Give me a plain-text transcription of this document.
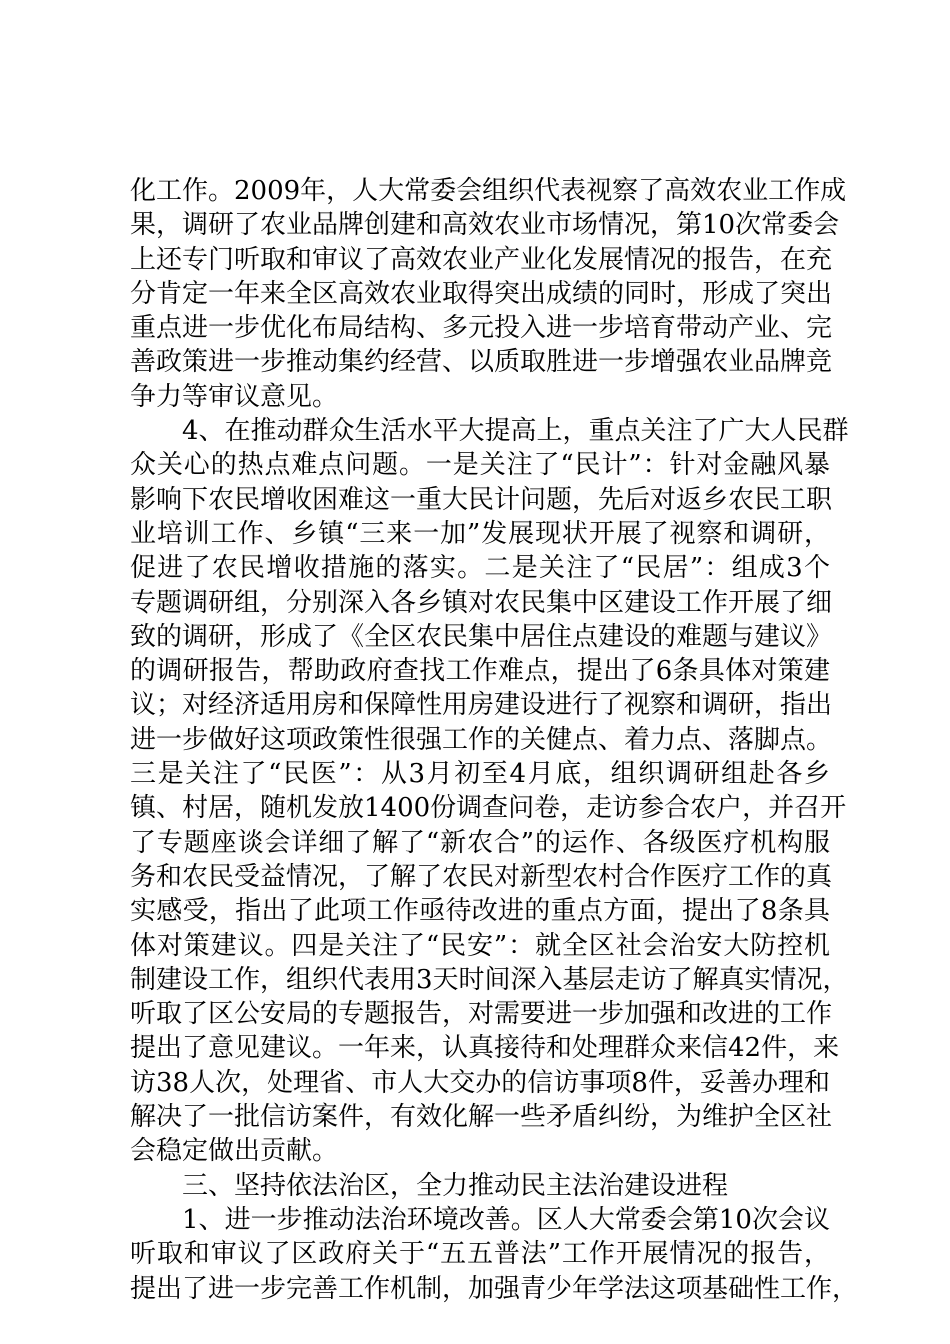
化工作。2009年，人大常委会组织代表视察了高效农业工作成
果，调研了农业品牌创建和高效农业市场情况，第10次常委会
上还专门听取和审议了高效农业产业化发展情况的报告，在充
分肯定一年来全区高效农业取得突出成绩的同时，形成了突出
重点进一步优化布局结构、多元投入进一步培育带动产业、完
善政策进一步推动集约经营、以质取胜进一步增强农业品牌竞
争力等审议意见。
4、在推动群众生活水平大提高上，重点关注了广大人民群
众关心的热点难点问题。一是关注了“民计”：针对金融风暴
影响下农民增收困难这一重大民计问题，先后对返乡农民工职
业培训工作、乡镇“三来一加”发展现状开展了视察和调研，
促进了农民增收措施的落实。二是关注了“民居”：组成3个
专题调研组，分别深入各乡镇对农民集中区建设工作开展了细
致的调研，形成了《全区农民集中居住点建设的难题与建议》
的调研报告，帮助政府查找工作难点，提出了6条具体对策建
议；对经济适用房和保障性用房建设进行了视察和调研，指出
进一步做好这项政策性很强工作的关健点、着力点、落脚点。
三是关注了“民医”：从3月初至4月底，组织调研组赴各乡
镇、村居，随机发放1400份调查问卷，走访参合农户，并召开
了专题座谈会详细了解了“新农合”的运作、各级医疗机构服
务和农民受益情况，了解了农民对新型农村合作医疗工作的真
实感受，指出了此项工作亟待改进的重点方面，提出了8条具
体对策建议。四是关注了“民安”：就全区社会治安大防控机
制建设工作，组织代表用3天时间深入基层走访了解真实情况，
听取了区公安局的专题报告，对需要进一步加强和改进的工作
提出了意见建议。一年来，认真接待和处理群众来信42件，来
访38人次，处理省、市人大交办的信访事项8件，妥善办理和
解决了一批信访案件，有效化解一些矛盾纠纷，为维护全区社
会稳定做出贡献。
三、坚持依法治区，全力推动民主法治建设进程
1、进一步推动法治环境改善。区人大常委会第10次会议
听取和审议了区政府关于“五五普法”工作开展情况的报告，
提出了进一步完善工作机制，加强青少年学法这项基础性工作，
